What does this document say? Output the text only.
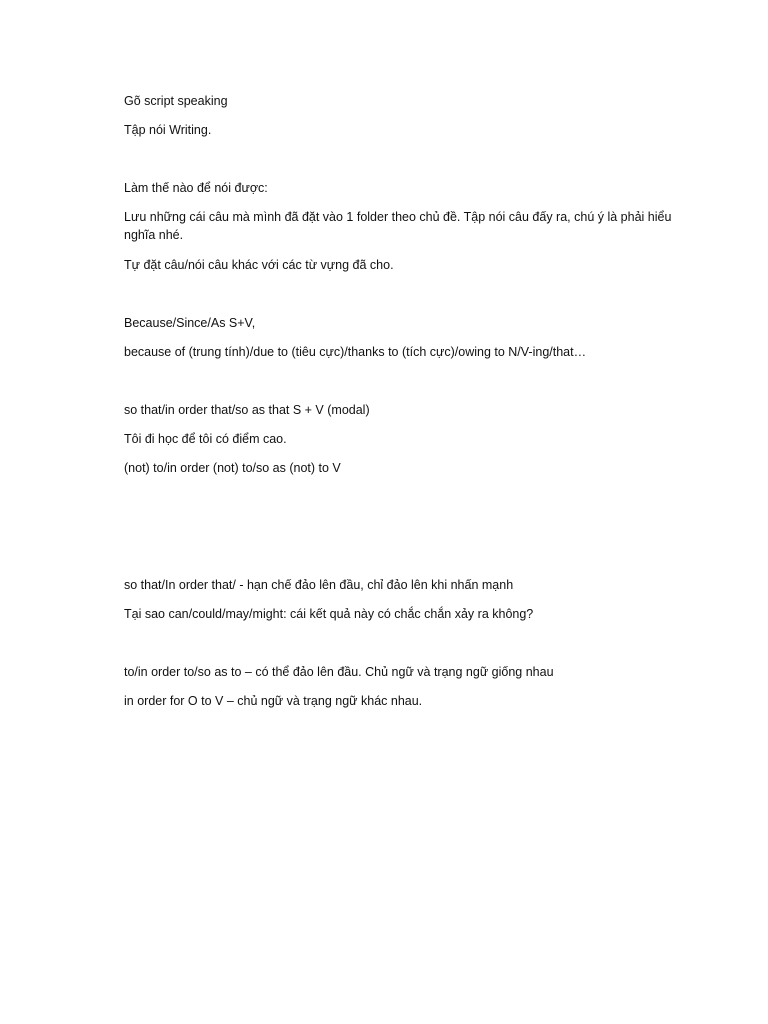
Gõ script speaking
Tập nói Writing.
Làm thế nào để nói được:
Lưu những cái câu mà mình đã đặt vào 1 folder theo chủ đề. Tập nói câu đấy ra, chú ý là phải hiểu nghĩa nhé.
Tự đặt câu/nói câu khác với các từ vựng đã cho.
Because/Since/As S+V,
because of (trung tính)/due to (tiêu cực)/thanks to (tích cực)/owing to N/V-ing/that…
so that/in order that/so as that S + V (modal)
Tôi đi học để tôi có điểm cao.
(not) to/in order (not) to/so as (not) to V
so that/In order that/ - hạn chế đảo lên đầu, chỉ đảo lên khi nhấn mạnh
Tại sao can/could/may/might: cái kết quả này có chắc chắn xảy ra không?
to/in order to/so as to – có thể đảo lên đầu. Chủ ngữ và trạng ngữ giống nhau
in order for O to V – chủ ngữ và trạng ngữ khác nhau.
